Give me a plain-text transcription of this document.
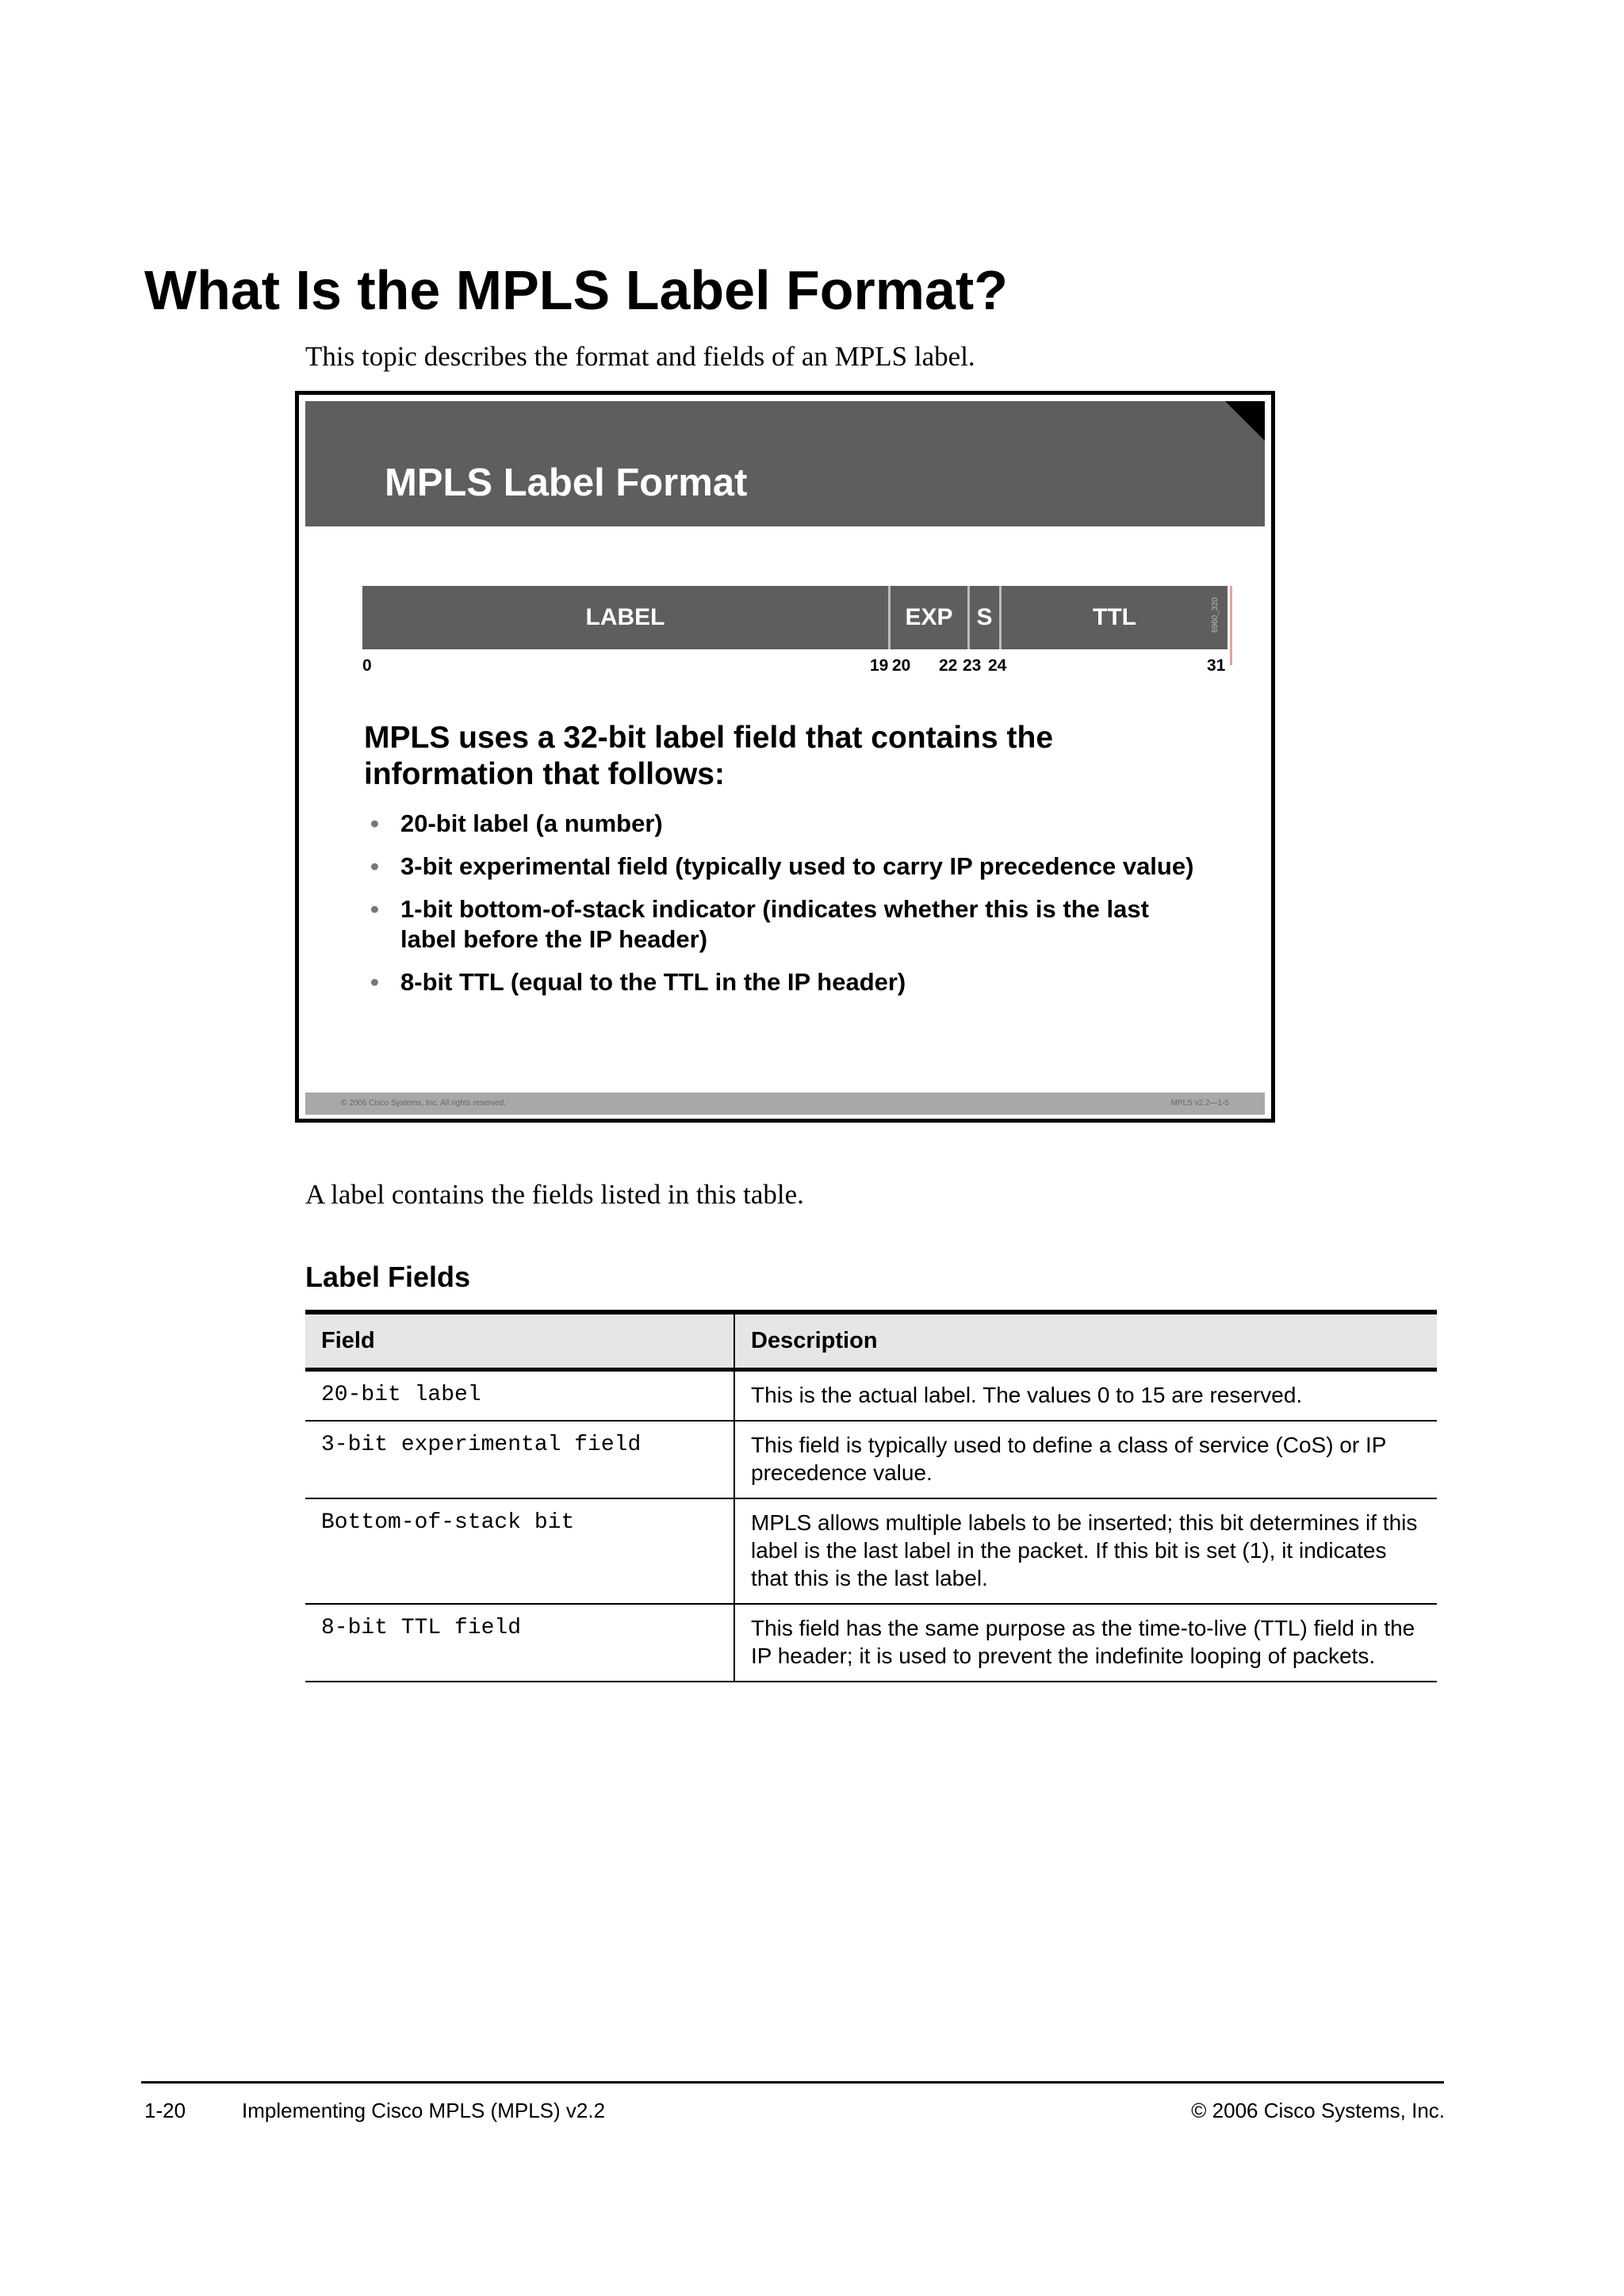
What Is the MPLS Label Format?
This topic describes the format and fields of an MPLS label.
MPLS Label Format
LABEL	EXP S	TTL	6960_320
0	19 20 22 23 24	31
MPLS uses a 32-bit label field that contains the information that follows:
• 20-bit label (a number)
• 3-bit experimental field (typically used to carry IP precedence value)
• 1-bit bottom-of-stack indicator (indicates whether this is the last label before the IP header)
• 8-bit TTL (equal to the TTL in the IP header)
© 2006 Cisco Systems, Inc. All rights reserved.	MPLS v2.2—1-5
A label contains the fields listed in this table.
Label Fields
Field	Description
20-bit label	This is the actual label. The values 0 to 15 are reserved.
3-bit experimental field	This field is typically used to define a class of service (CoS) or IP precedence value.
Bottom-of-stack bit	MPLS allows multiple labels to be inserted; this bit determines if this label is the last label in the packet. If this bit is set (1), it indicates that this is the last label.
8-bit TTL field	This field has the same purpose as the time-to-live (TTL) field in the IP header; it is used to prevent the indefinite looping of packets.
1-20	Implementing Cisco MPLS (MPLS) v2.2	© 2006 Cisco Systems, Inc.
